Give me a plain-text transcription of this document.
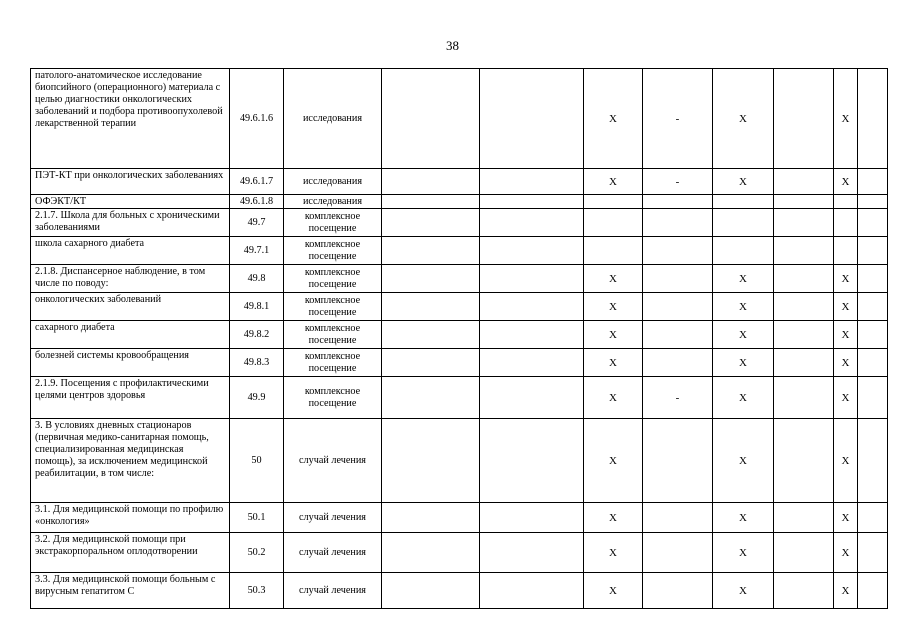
38
патолого-анатомическое исследование биопсийного (операционного) материала с целью диагностики онкологических заболеваний и подбора противоопухолевой лекарственной терапии	49.6.1.6	исследования			X	-	X		X	
ПЭТ-КТ при онкологических заболеваниях	49.6.1.7	исследования			X	-	X		X	
ОФЭКТ/КТ	49.6.1.8	исследования								
2.1.7. Школа для больных с хроническими заболеваниями	49.7	комплексное посещение								
школа сахарного диабета	49.7.1	комплексное посещение								
2.1.8. Диспансерное наблюдение, в том числе по поводу:	49.8	комплексное посещение			X		X		X	
онкологических заболеваний	49.8.1	комплексное посещение			X		X		X	
сахарного диабета	49.8.2	комплексное посещение			X		X		X	
болезней системы кровообращения	49.8.3	комплексное посещение			X		X		X	
2.1.9. Посещения с профилактическими целями центров здоровья	49.9	комплексное посещение			X	-	X		X	
3. В условиях дневных стационаров (первичная медико-санитарная помощь, специализированная медицинская помощь), за исключением медицинской реабилитации, в том числе:	50	случай лечения			X		X		X	
3.1. Для медицинской помощи по профилю «онкология»	50.1	случай лечения			X		X		X	
3.2. Для медицинской помощи при экстракорпоральном оплодотворении	50.2	случай лечения			X		X		X	
3.3. Для медицинской помощи больным с вирусным гепатитом С	50.3	случай лечения			X		X		X	
